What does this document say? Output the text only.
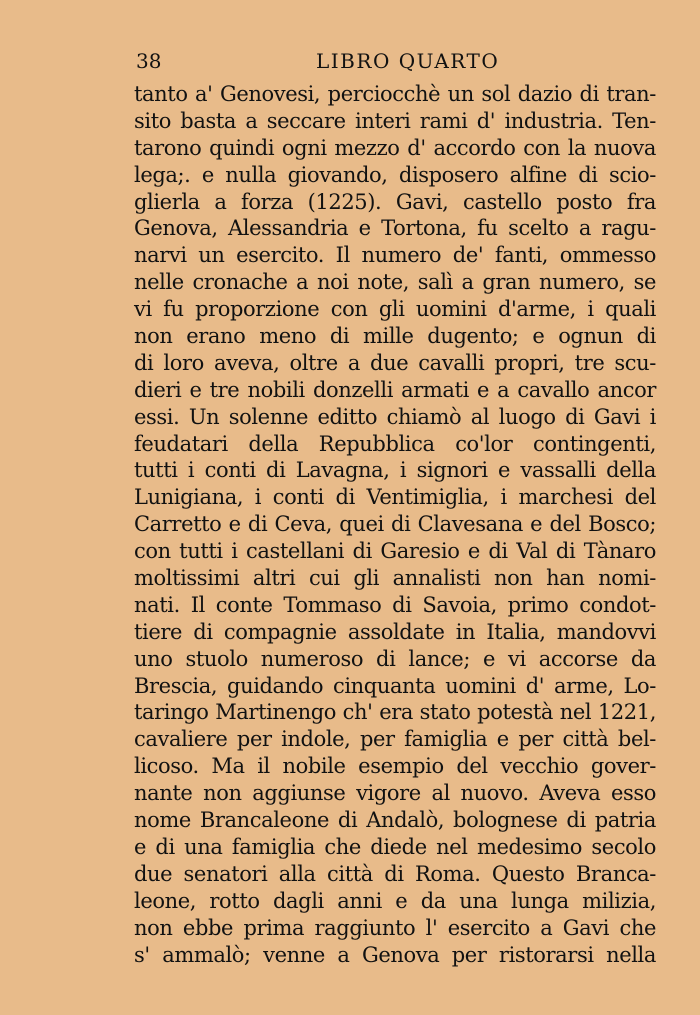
38	LIBRO QUARTO
tanto a' Genovesi, perciocchè un sol dazio di tran-
sito basta a seccare interi rami d' industria. Ten-
tarono quindi ogni mezzo d' accordo con la nuova
lega;. e nulla giovando, disposero alfine di scio-
glierla a forza (1225). Gavi, castello posto fra
Genova, Alessandria e Tortona, fu scelto a ragu-
narvi un esercito. Il numero de' fanti, ommesso
nelle cronache a noi note, salì a gran numero, se
vi fu proporzione con gli uomini d'arme, i quali
non erano meno di mille dugento; e ognun di
di loro aveva, oltre a due cavalli propri, tre scu-
dieri e tre nobili donzelli armati e a cavallo ancor
essi. Un solenne editto chiamò al luogo di Gavi i
feudatari della Repubblica co'lor contingenti,
tutti i conti di Lavagna, i signori e vassalli della
Lunigiana, i conti di Ventimiglia, i marchesi del
Carretto e di Ceva, quei di Clavesana e del Bosco;
con tutti i castellani di Garesio e di Val di Tànaro
moltissimi altri cui gli annalisti non han nomi-
nati. Il conte Tommaso di Savoia, primo condot-
tiere di compagnie assoldate in Italia, mandovvi
uno stuolo numeroso di lance; e vi accorse da
Brescia, guidando cinquanta uomini d' arme, Lo-
taringo Martinengo ch' era stato potestà nel 1221,
cavaliere per indole, per famiglia e per città bel-
licoso. Ma il nobile esempio del vecchio gover-
nante non aggiunse vigore al nuovo. Aveva esso
nome Brancaleone di Andalò, bolognese di patria
e di una famiglia che diede nel medesimo secolo
due senatori alla città di Roma. Questo Branca-
leone, rotto dagli anni e da una lunga milizia,
non ebbe prima raggiunto l' esercito a Gavi che
s' ammalò; venne a Genova per ristorarsi nella
